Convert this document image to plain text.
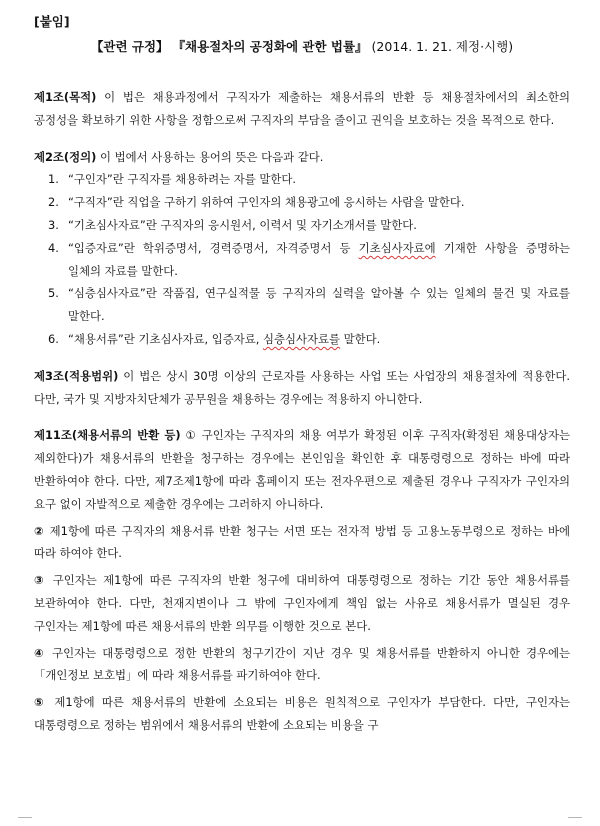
[붙임]
【관련 규정】 『채용절차의 공정화에 관한 법률』 (2014. 1. 21. 제정·시행)

제1조(목적) 이 법은 채용과정에서 구직자가 제출하는 채용서류의 반환 등 채용절차에서의 최소한의 공정성을 확보하기 위한 사항을 정함으로써 구직자의 부담을 줄이고 권익을 보호하는 것을 목적으로 한다.

제2조(정의) 이 법에서 사용하는 용어의 뜻은 다음과 같다.

1. “구인자”란 구직자를 채용하려는 자를 말한다.
2. “구직자”란 직업을 구하기 위하여 구인자의 채용광고에 응시하는 사람을 말한다.
3. “기초심사자료”란 구직자의 응시원서, 이력서 및 자기소개서를 말한다.
4. “입증자료”란 학위증명서, 경력증명서, 자격증명서 등 기초심사자료에 기재한 사항을 증명하는 일체의 자료를 말한다.
5. “심층심사자료”란 작품집, 연구실적물 등 구직자의 실력을 알아볼 수 있는 일체의 물건 및 자료를 말한다.
6. “채용서류”란 기초심사자료, 입증자료, 심층심사자료를 말한다.

제3조(적용범위) 이 법은 상시 30명 이상의 근로자를 사용하는 사업 또는 사업장의 채용절차에 적용한다. 다만, 국가 및 지방자치단체가 공무원을 채용하는 경우에는 적용하지 아니한다.

제11조(채용서류의 반환 등) ① 구인자는 구직자의 채용 여부가 확정된 이후 구직자(확정된 채용대상자는 제외한다)가 채용서류의 반환을 청구하는 경우에는 본인임을 확인한 후 대통령령으로 정하는 바에 따라 반환하여야 한다. 다만, 제7조제1항에 따라 홈페이지 또는 전자우편으로 제출된 경우나 구직자가 구인자의 요구 없이 자발적으로 제출한 경우에는 그러하지 아니하다.

② 제1항에 따른 구직자의 채용서류 반환 청구는 서면 또는 전자적 방법 등 고용노동부령으로 정하는 바에 따라 하여야 한다.

③ 구인자는 제1항에 따른 구직자의 반환 청구에 대비하여 대통령령으로 정하는 기간 동안 채용서류를 보관하여야 한다. 다만, 천재지변이나 그 밖에 구인자에게 책임 없는 사유로 채용서류가 멸실된 경우 구인자는 제1항에 따른 채용서류의 반환 의무를 이행한 것으로 본다.

④ 구인자는 대통령령으로 정한 반환의 청구기간이 지난 경우 및 채용서류를 반환하지 아니한 경우에는 「개인정보 보호법」에 따라 채용서류를 파기하여야 한다.

⑤ 제1항에 따른 채용서류의 반환에 소요되는 비용은 원칙적으로 구인자가 부담한다. 다만, 구인자는 대통령령으로 정하는 범위에서 채용서류의 반환에 소요되는 비용을 구
